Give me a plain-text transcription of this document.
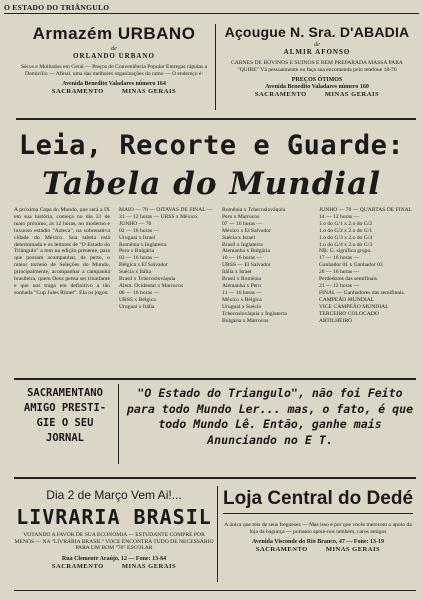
O ESTADO DO TRIÂNGULO
Armazém URBANO
de
ORLANDO URBANO
Sêcos e Molhados em Geral — Preços de Conveniência Popular Entregas rápidas a Domicílio — Afinal, uma das melhores organizações do ramo — O endereço é:
Avenida Benedito Valadares número 164
SACRAMENTO	MINAS GERAIS
Açougue N. Sra. D'ABADIA
de
ALMIR AFONSO
CARNES DE BOVINOS E SUINOS E BEM PREPARADA MASSA PARA "QUIBE" Vá pessoalmente ou faça sua encomenda pelo telefone 18-70
PREÇOS ÓTIMOS
Avenida Benedito Valadares número 160
SACRAMENTO	MINAS GERAIS
Leia, Recorte e Guarde:
Tabela do Mundial
A próxima Copa do Mundo, que será a IX em sua história, começa no dia 31 de maio próximo, as 12 horas, no moderno e luxuoso estádio "Azteca", na sobrenativa cidade do México. Sua tabela está determinada e os leitores de "O Estado do Triângulo" a tem na edição presente, para que possam acompanhar, de perto, o maior torneio de Seleções do Mundo, principalmente, acompanhar a campanha brasileira, quem Deus pensa ser triunfante e que nos traga em definitivo a tão sonhada "Cup Jules Rimet". Ela os jogos:
MAIO — 70 — OITAVAS DE FINAL —
31 — 12 horas — URSS x México.
JUNHO — 70
02 — 16 horas —
Uruguai x Israel
Romênia x Inglaterra
Peru x Bulgária
03 — 16 horas —
Bélgica x El Salvador
Suécia x Itália
Brasil x Tchecoslováquia
Alem. Ocidental x Marrocos
06 — 16 horas —
URSS x Bélgica
Uruguai x Itália
Romênia x Tchecoslováquia
Peru x Marrocos
07 — 16 horas —
México x El Salvador
Suécia x Israel
Brasil x Inglaterra
Alemanha x Bulgária
10 — 16 horas —
URSS — El Salvador
Itália x Israel
Brasil x Romênia
Alemanha x Peru
11 — 16 horas —
México x Bélgica
Uruguai x Suécia
Tchecoslováquia x Inglaterra
Bulgária x Marrocos
JUNHO — 70 — QUARTAS DE FINAL
14 — 12 horas —
1.o do G/1 x 2.o do G/2
1.o do G/2 x 2.o do G/1
1.o do G/3 x 2.o do G/4
1.o do G/4 x 2.o do G/3
NB: G. significa grupo.
17 — 16 horas —
Ganhador 01 x Ganhador 03
20 — 16 horas —
Perdedores das semifinais
21 — 12 horas —
FINAL — Ganhadores das semifinais.
CAMPEÃO MUNDIAL
VICE CAMPEÃO MUNDIAL
TERCEIRO COLOCADO
ARTILHEIRO
SACRAMENTANO
AMIGO PRESTI-
GIE O SEU
JORNAL
"O Estado do Triangulo", não foi Feito para todo Mundo Ler... mas, o fato, é que todo Mundo Lê. Então, ganhe mais Anunciando no E T.
Dia 2 de Março Vem Ai!...
LIVRARIA BRASIL
VOTANDO A FAVOR DE SUA ECONOMIA — ESTUDANTE COMPRE POR MENOS — NA "LIVRARIA BRASIL" VOCE ENCONTRA TUDO DE NECESSÁRIO PARA UM BOM "70" ESCOLAR
Rua Clemente Araújo, 12 — Fone: 13-64
SACRAMENTO	MINAS GERAIS
Loja Central do Dedé
A única que reis de seus fregueses — Mas isso é por que vocês merecem o apoio da loja da bagunça — portanto apoie-nos também, caros amigos
Avenida Visconde do Rio Branco, 47 — Fone: 13-19
SACRAMENTO	MINAS GERAIS
